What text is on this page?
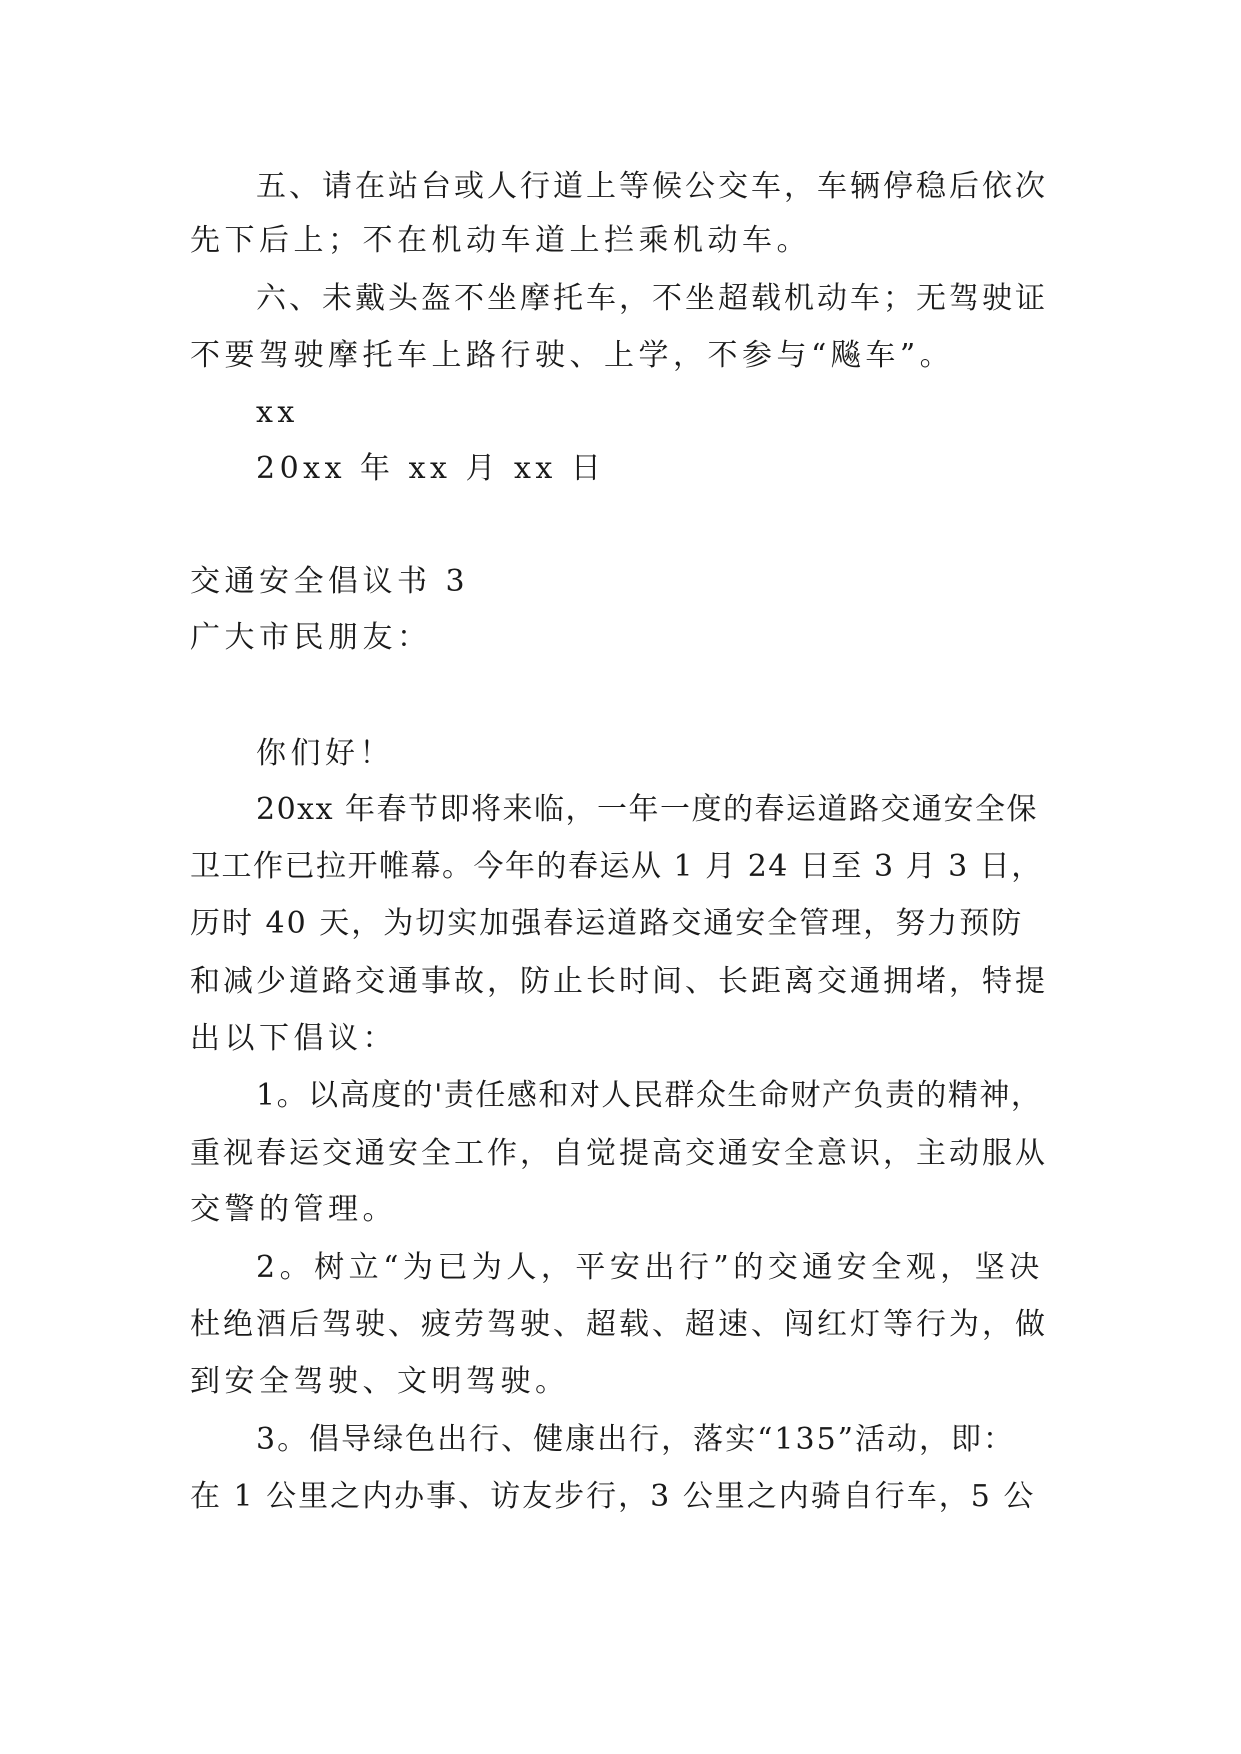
五、请在站台或人行道上等候公交车，车辆停稳后依次

先下后上；不在机动车道上拦乘机动车。

六、未戴头盔不坐摩托车，不坐超载机动车；无驾驶证

不要驾驶摩托车上路行驶、上学，不参与“飚车”。

xx

20xx 年 xx 月 xx 日

交通安全倡议书 3

广大市民朋友：

你们好！

20xx 年春节即将来临，一年一度的春运道路交通安全保

卫工作已拉开帷幕。今年的春运从 1 月 24 日至 3 月 3 日，

历时 40 天，为切实加强春运道路交通安全管理，努力预防

和减少道路交通事故，防止长时间、长距离交通拥堵，特提

出以下倡议：

1。以高度的'责任感和对人民群众生命财产负责的精神，

重视春运交通安全工作，自觉提高交通安全意识，主动服从

交警的管理。

2。树立“为已为人，平安出行”的交通安全观，坚决

杜绝酒后驾驶、疲劳驾驶、超载、超速、闯红灯等行为，做

到安全驾驶、文明驾驶。

3。倡导绿色出行、健康出行，落实“135”活动，即：

在 1 公里之内办事、访友步行，3 公里之内骑自行车，5 公
